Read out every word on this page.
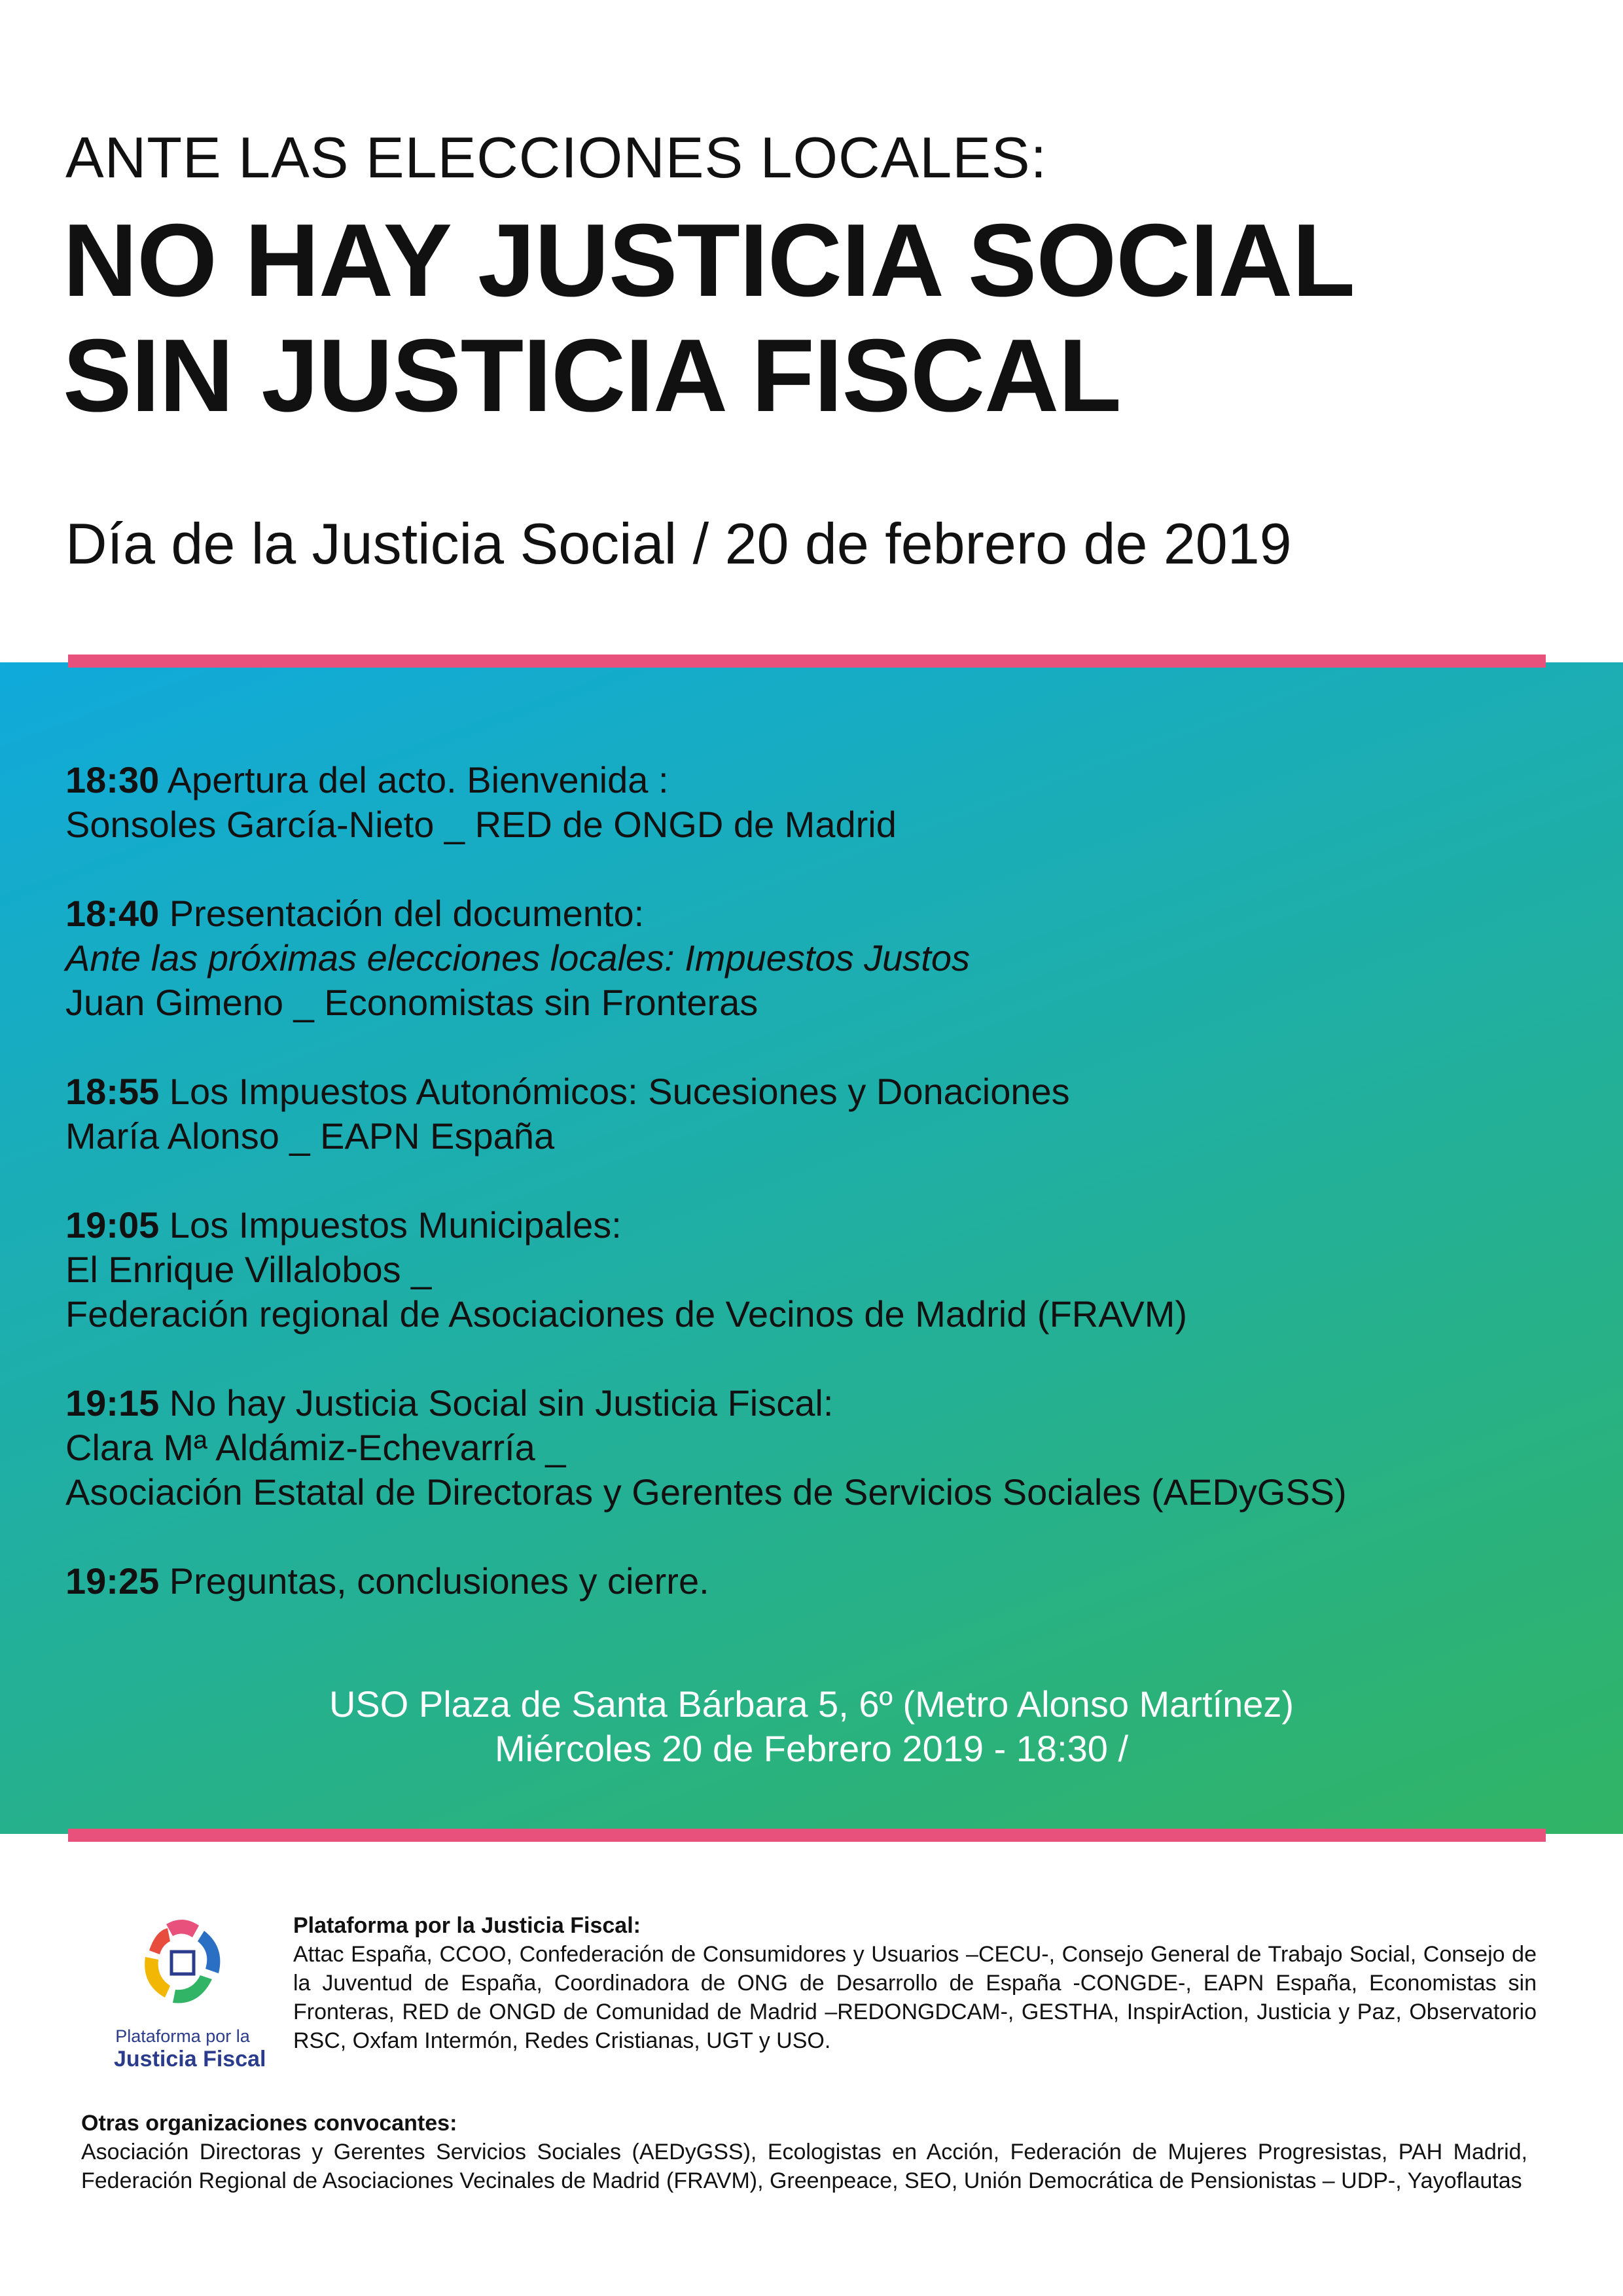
ANTE LAS ELECCIONES LOCALES:
NO HAY JUSTICIA SOCIAL
SIN JUSTICIA FISCAL
Día de la Justicia Social / 20 de febrero de 2019
18:30 Apertura del acto. Bienvenida :
Sonsoles García-Nieto _ RED de ONGD de Madrid
18:40 Presentación del documento:
Ante las próximas elecciones locales: Impuestos Justos
Juan Gimeno _ Economistas sin Fronteras
18:55 Los Impuestos Autonómicos: Sucesiones y Donaciones
María Alonso _ EAPN España
19:05 Los Impuestos Municipales:
El Enrique Villalobos _
Federación regional de Asociaciones de Vecinos de Madrid (FRAVM)
19:15 No hay Justicia Social sin Justicia Fiscal:
Clara Mª Aldámiz-Echevarría _
Asociación Estatal de Directoras y Gerentes de Servicios Sociales (AEDyGSS)
19:25 Preguntas, conclusiones y cierre.
USO Plaza de Santa Bárbara 5, 6º (Metro Alonso Martínez)
Miércoles 20 de Febrero 2019 - 18:30 /
Plataforma por la
Justicia Fiscal
Plataforma por la Justicia Fiscal:
Attac España, CCOO, Confederación de Consumidores y Usuarios –CECU-, Consejo General de Trabajo Social, Consejo de la Juventud de España, Coordinadora de ONG de Desarrollo de España -CONGDE-, EAPN España, Economistas sin Fronteras, RED de ONGD de Comunidad de Madrid –REDONGDCAM-, GESTHA, InspirAction, Justicia y Paz, Observatorio RSC, Oxfam Intermón, Redes Cristianas, UGT y USO.
Otras organizaciones convocantes:
Asociación Directoras y Gerentes Servicios Sociales (AEDyGSS), Ecologistas en Acción, Federación de Mujeres Progresistas, PAH Madrid, Federación Regional de Asociaciones Vecinales de Madrid (FRAVM), Greenpeace, SEO, Unión Democrática de Pensionistas – UDP-, Yayoflautas
